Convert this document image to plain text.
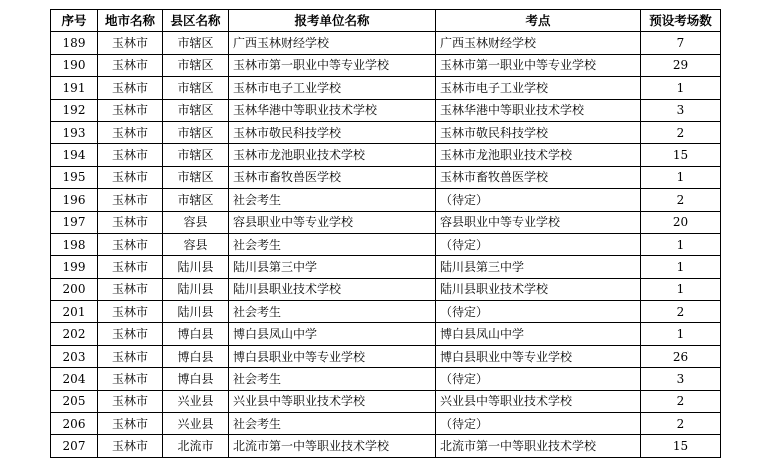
序号	地市名称	县区名称	报考单位名称	考点	预设考场数
189	玉林市	市辖区	广西玉林财经学校	广西玉林财经学校	7
190	玉林市	市辖区	玉林市第一职业中等专业学校	玉林市第一职业中等专业学校	29
191	玉林市	市辖区	玉林市电子工业学校	玉林市电子工业学校	1
192	玉林市	市辖区	玉林华港中等职业技术学校	玉林华港中等职业技术学校	3
193	玉林市	市辖区	玉林市敬民科技学校	玉林市敬民科技学校	2
194	玉林市	市辖区	玉林市龙池职业技术学校	玉林市龙池职业技术学校	15
195	玉林市	市辖区	玉林市畜牧兽医学校	玉林市畜牧兽医学校	1
196	玉林市	市辖区	社会考生	（待定）	2
197	玉林市	容县	容县职业中等专业学校	容县职业中等专业学校	20
198	玉林市	容县	社会考生	（待定）	1
199	玉林市	陆川县	陆川县第三中学	陆川县第三中学	1
200	玉林市	陆川县	陆川县职业技术学校	陆川县职业技术学校	1
201	玉林市	陆川县	社会考生	（待定）	2
202	玉林市	博白县	博白县凤山中学	博白县凤山中学	1
203	玉林市	博白县	博白县职业中等专业学校	博白县职业中等专业学校	26
204	玉林市	博白县	社会考生	（待定）	3
205	玉林市	兴业县	兴业县中等职业技术学校	兴业县中等职业技术学校	2
206	玉林市	兴业县	社会考生	（待定）	2
207	玉林市	北流市	北流市第一中等职业技术学校	北流市第一中等职业技术学校	15
